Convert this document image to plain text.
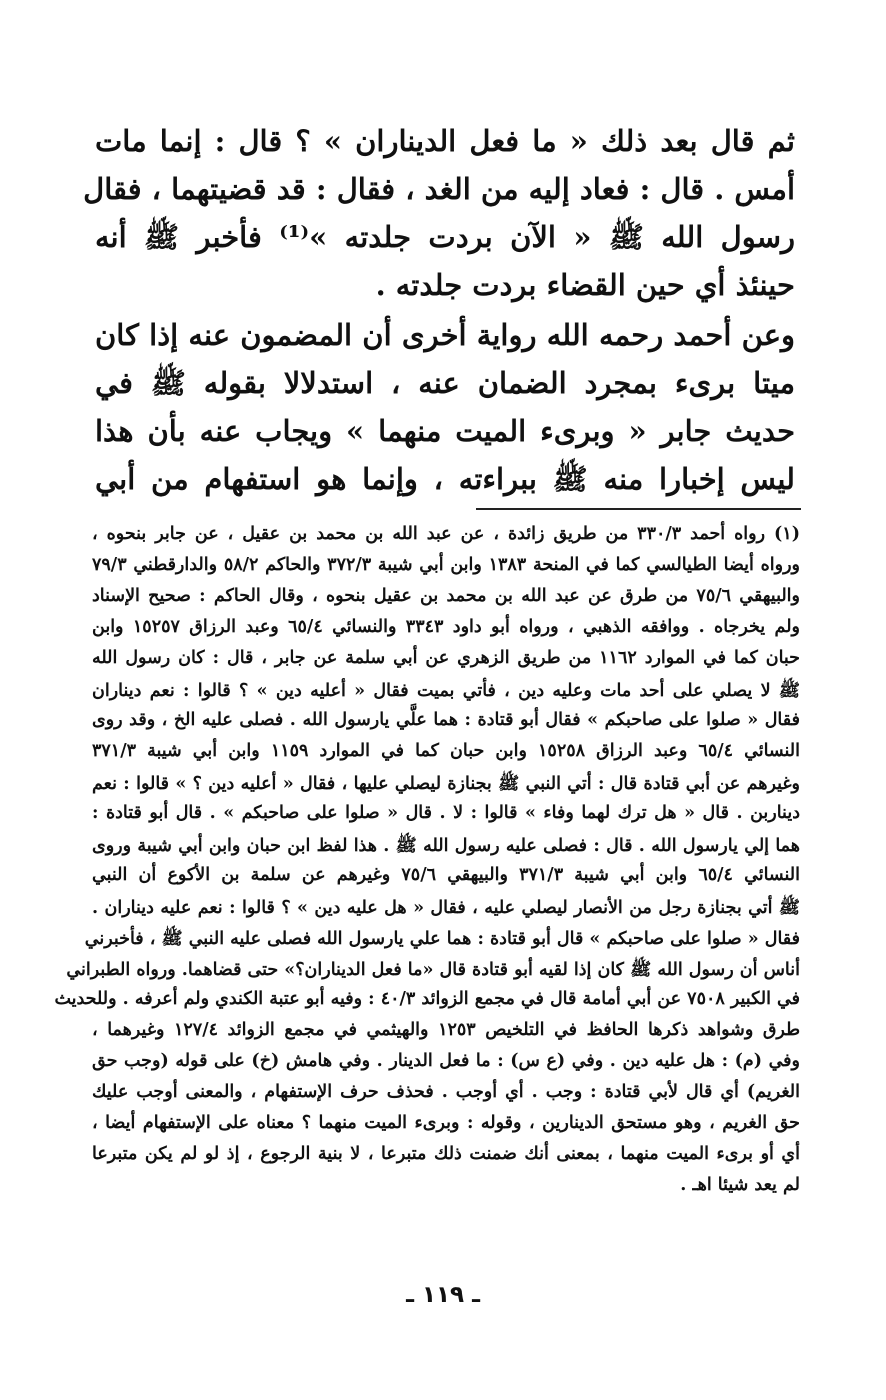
ثم قال بعد ذلك « ما فعل الديناران » ؟ قال : إنما مات
أمس . قال : فعاد إليه من الغد ، فقال : قد قضيتهما ، فقال
رسول الله ﷺ « الآن بردت جلدته »⁽¹⁾ فأخبر ﷺ أنه
حينئذ أي حين القضاء بردت جلدته .
وعن أحمد رحمه الله رواية أخرى أن المضمون عنه إذا كان
ميتا برىء بمجرد الضمان عنه ، استدلالا بقوله ﷺ في
حديث جابر « وبرىء الميت منهما » ويجاب عنه بأن هذا
ليس إخبارا منه ﷺ ببراءته ، وإنما هو استفهام من أبي
(١) رواه أحمد ٣٣٠/٣ من طريق زائدة ، عن عبد الله بن محمد بن عقيل ، عن جابر بنحوه ،
ورواه أيضا الطيالسي كما في المنحة ١٣٨٣ وابن أبي شيبة ٣٧٢/٣ والحاكم ٥٨/٢ والدارقطني ٧٩/٣
والبيهقي ٧٥/٦ من طرق عن عبد الله بن محمد بن عقيل بنحوه ، وقال الحاكم : صحيح الإسناد
ولم يخرجاه . ووافقه الذهبي ، ورواه أبو داود ٣٣٤٣ والنسائي ٦٥/٤ وعبد الرزاق ١٥٢٥٧ وابن
حبان كما في الموارد ١١٦٢ من طريق الزهري عن أبي سلمة عن جابر ، قال : كان رسول الله
ﷺ لا يصلي على أحد مات وعليه دين ، فأتي بميت فقال « أعليه دين » ؟ قالوا : نعم ديناران
فقال « صلوا على صاحبكم » فقال أبو قتادة : هما علَّي يارسول الله . فصلى عليه الخ ، وقد روى
النسائي ٦٥/٤ وعبد الرزاق ١٥٢٥٨ وابن حبان كما في الموارد ١١٥٩ وابن أبي شيبة ٣٧١/٣
وغيرهم عن أبي قتادة قال : أتي النبي ﷺ بجنازة ليصلي عليها ، فقال « أعليه دين ؟ » قالوا : نعم
ديناربن . قال « هل ترك لهما وفاء » قالوا : لا . قال « صلوا على صاحبكم » . قال أبو قتادة :
هما إلي يارسول الله . قال : فصلى عليه رسول الله ﷺ . هذا لفظ ابن حبان وابن أبي شيبة وروى
النسائي ٦٥/٤ وابن أبي شيبة ٣٧١/٣ والبيهقي ٧٥/٦ وغيرهم عن سلمة بن الأكوع أن النبي
ﷺ أتي بجنازة رجل من الأنصار ليصلي عليه ، فقال « هل عليه دين » ؟ قالوا : نعم عليه ديناران .
فقال « صلوا على صاحبكم » قال أبو قتادة : هما علي يارسول الله فصلى عليه النبي ﷺ ، فأخبرني
أناس أن رسول الله ﷺ كان إذا لقيه أبو قتادة قال «ما فعل الديناران؟» حتى قضاهما. ورواه الطبراني
في الكبير ٧٥٠٨ عن أبي أمامة قال في مجمع الزوائد ٤٠/٣ : وفيه أبو عتبة الكندي ولم أعرفه . وللحديث
طرق وشواهد ذكرها الحافظ في التلخيص ١٢٥٣ والهيثمي في مجمع الزوائد ١٢٧/٤ وغيرهما ،
وفي (م) : هل عليه دين . وفي (ع س) : ما فعل الدينار . وفي هامش (خ) على قوله (وجب حق
الغريم) أي قال لأبي قتادة : وجب . أي أوجب . فحذف حرف الإستفهام ، والمعنى أوجب عليك
حق الغريم ، وهو مستحق الدينارين ، وقوله : وبرىء الميت منهما ؟ معناه على الإستفهام أيضا ،
أي أو برىء الميت منهما ، بمعنى أنك ضمنت ذلك متبرعا ، لا بنية الرجوع ، إذ لو لم يكن متبرعا
لم يعد شيئا اهـ .
ـ ١١٩ ـ
